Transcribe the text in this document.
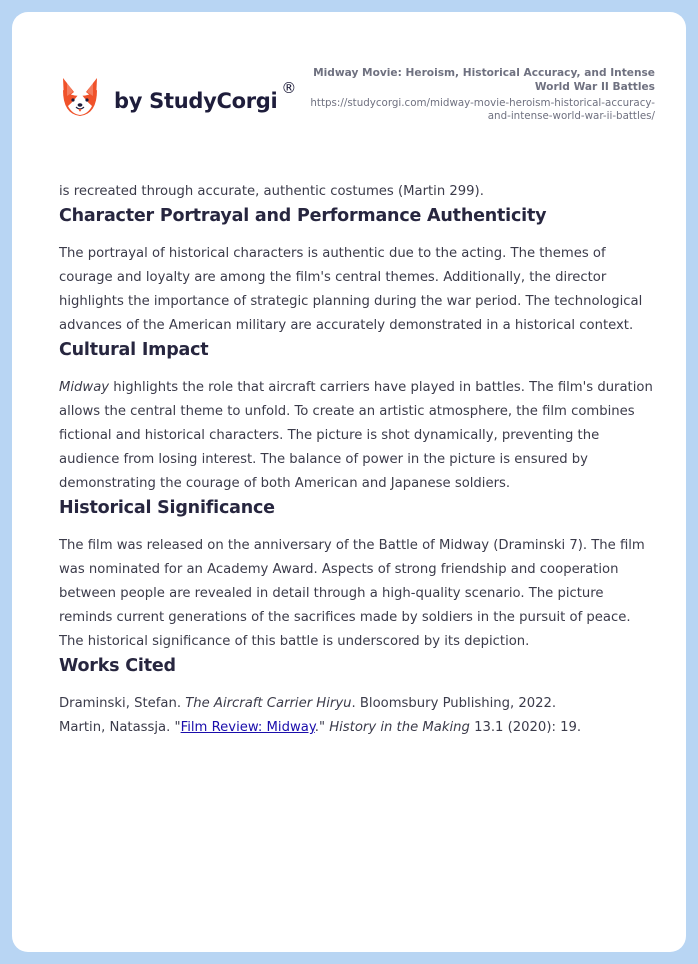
by StudyCorgi
®
Midway Movie: Heroism, Historical Accuracy, and Intense World War II Battles
https://studycorgi.com/midway-movie-heroism-historical-accuracy-and-intense-world-war-ii-battles/

is recreated through accurate, authentic costumes (Martin 299).

Character Portrayal and Performance Authenticity

The portrayal of historical characters is authentic due to the acting. The themes of courage and loyalty are among the film's central themes. Additionally, the director highlights the importance of strategic planning during the war period. The technological advances of the American military are accurately demonstrated in a historical context.

Cultural Impact

Midway highlights the role that aircraft carriers have played in battles. The film's duration allows the central theme to unfold. To create an artistic atmosphere, the film combines fictional and historical characters. The picture is shot dynamically, preventing the audience from losing interest. The balance of power in the picture is ensured by demonstrating the courage of both American and Japanese soldiers.

Historical Significance

The film was released on the anniversary of the Battle of Midway (Draminski 7). The film was nominated for an Academy Award. Aspects of strong friendship and cooperation between people are revealed in detail through a high-quality scenario. The picture reminds current generations of the sacrifices made by soldiers in the pursuit of peace. The historical significance of this battle is underscored by its depiction.

Works Cited

Draminski, Stefan. The Aircraft Carrier Hiryu. Bloomsbury Publishing, 2022.

Martin, Natassja. "Film Review: Midway." History in the Making 13.1 (2020): 19.
